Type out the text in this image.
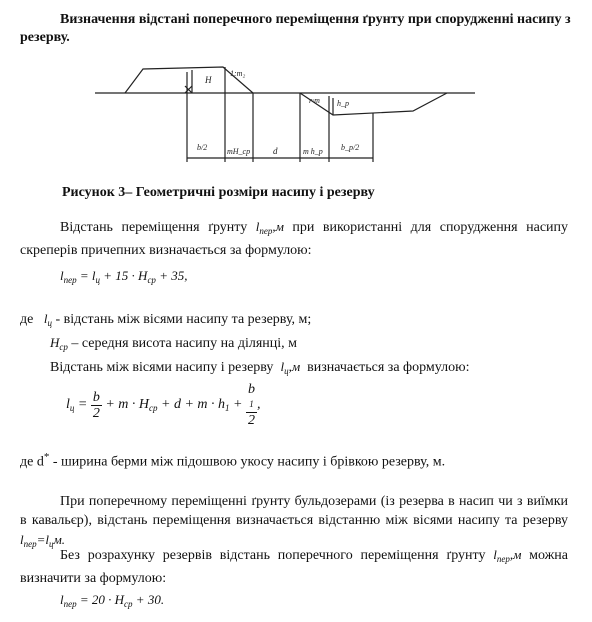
Визначення відстані поперечного переміщення ґрунту при спорудженні насипу з резерву.
H
1:m₂
r·m h_p
b/2 mH_cp	d	m h_p b_p/2
Рисунок 3– Геометричні розміри насипу і резерву
Відстань переміщення ґрунту $l_{пер},м$ при використанні для спорудження насипу скреперів причепних визначається за формулою:
$l_{пер} = l_ц + 15 \cdot H_{ср} + 35$,
де $l_ц$ - відстань між вісями насипу та резерву, м;
$H_{ср}$ – середня висота насипу на ділянці, м
Відстань між вісями насипу і резерву $l_ц,м$ визначається за формулою:
$l_ц = \frac{b}{2} + m \cdot H_{ср} + d + m \cdot h_1 + b$
1
2 ,
де d* - ширина берми між підошвою укосу насипу і брівкою резерву, м.
При поперечному переміщенні ґрунту бульдозерами (із резерва в насип чи з виїмки в кавальєр), відстань переміщення визначається відстанню між вісями насипу та резерву $l_{пер}=l_цм$.
Без розрахунку резервів відстань поперечного переміщення ґрунту $l_{пер},м$ можна визначити за формулою:
$l_{пер} = 20 \cdot H_{ср} + 30$.
